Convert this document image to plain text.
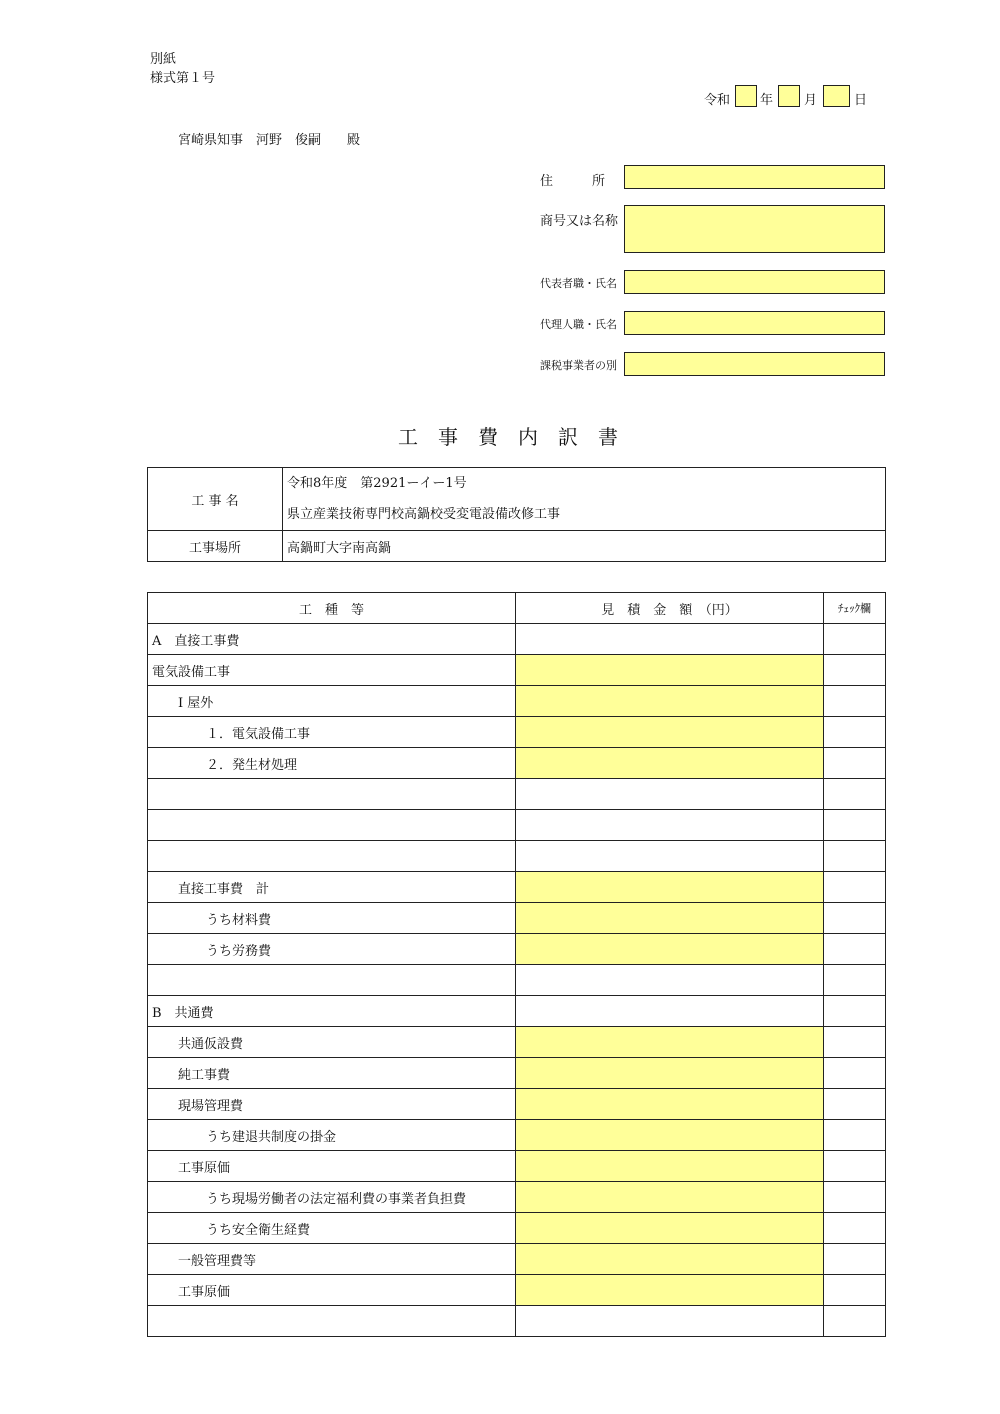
別紙
様式第１号
令和 年 月	日
宮崎県知事　河野　俊嗣　　殿
住　　　所
商号又は名称
代表者職・氏名
代理人職・氏名
課税事業者の別
工事費内訳書
工 事 名	令和8年度　第2921ーイー1号
県立産業技術専門校高鍋校受変電設備改修工事

工事場所	高鍋町大字南高鍋
工　種　等	見　積　金　額　（円）	ﾁｪｯｸ欄
A　直接工事費		
電気設備工事		
Ⅰ 屋外		
１．電気設備工事		
２．発生材処理		

直接工事費　計		
うち材料費		
うち労務費		

B　共通費		
共通仮設費		
純工事費		
現場管理費		
うち建退共制度の掛金		
工事原価		
うち現場労働者の法定福利費の事業者負担費		
うち安全衛生経費		
一般管理費等		
工事原価		
